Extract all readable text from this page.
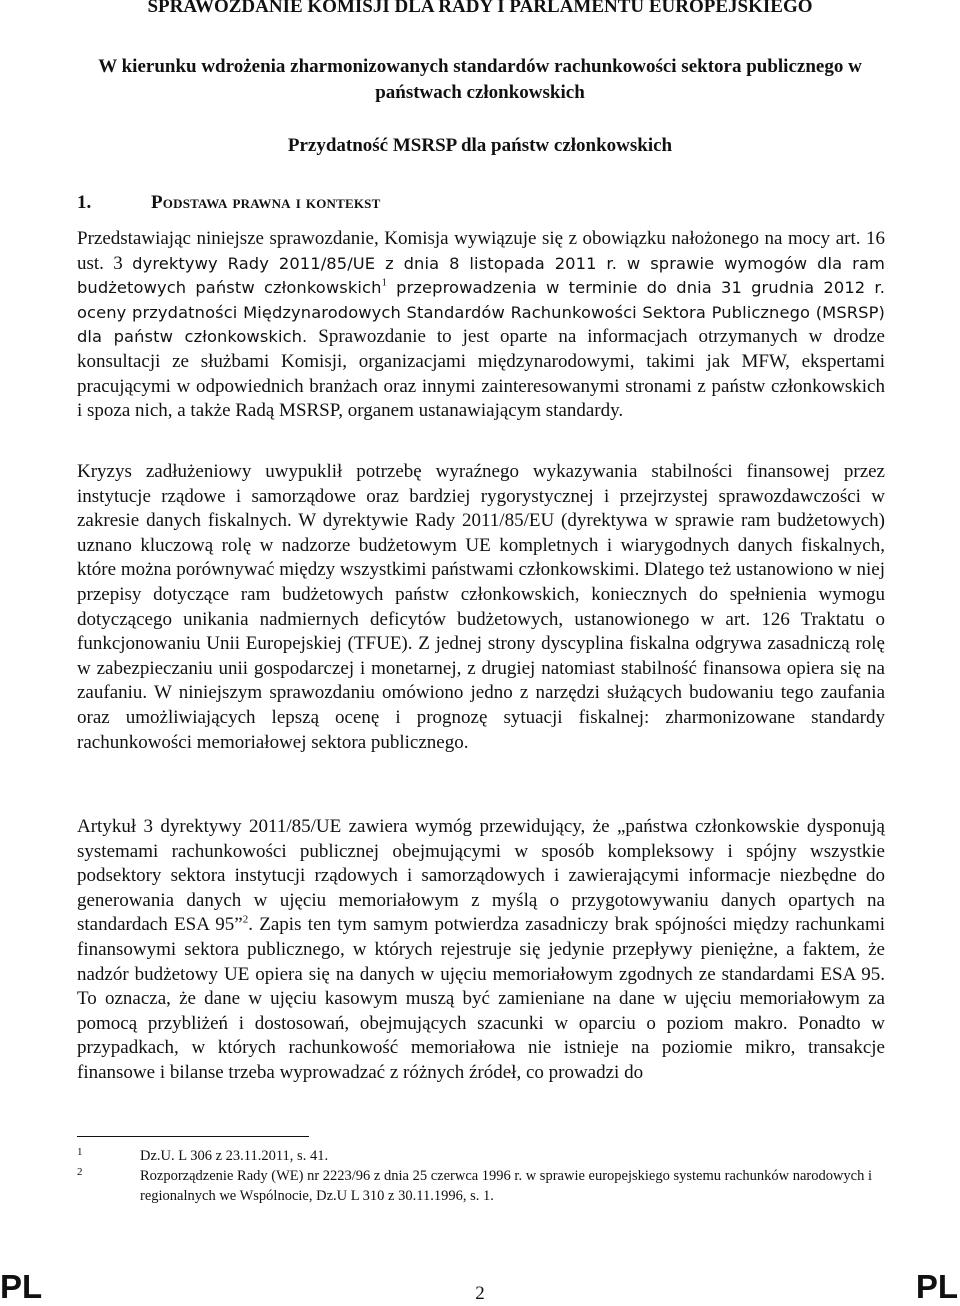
SPRAWOZDANIE KOMISJI DLA RADY I PARLAMENTU EUROPEJSKIEGO
W kierunku wdrożenia zharmonizowanych standardów rachunkowości sektora publicznego w państwach członkowskich
Przydatność MSRSP dla państw członkowskich
1.	Podstawa prawna i kontekst

Przedstawiając niniejsze sprawozdanie, Komisja wywiązuje się z obowiązku nałożonego na mocy art. 16 ust. 3 dyrektywy Rady 2011/85/UE z dnia 8 listopada 2011 r. w sprawie wymogów dla ram budżetowych państw członkowskich$^1$ przeprowadzenia w terminie do dnia 31 grudnia 2012 r. oceny przydatności Międzynarodowych Standardów Rachunkowości Sektora Publicznego (MSRSP) dla państw członkowskich. Sprawozdanie to jest oparte na informacjach otrzymanych w drodze konsultacji ze służbami Komisji, organizacjami międzynarodowymi, takimi jak MFW, ekspertami pracującymi w odpowiednich branżach oraz innymi zainteresowanymi stronami z państw członkowskich i spoza nich, a także Radą MSRSP, organem ustanawiającym standardy.

Kryzys zadłużeniowy uwypuklił potrzebę wyraźnego wykazywania stabilności finansowej przez instytucje rządowe i samorządowe oraz bardziej rygorystycznej i przejrzystej sprawozdawczości w zakresie danych fiskalnych. W dyrektywie Rady 2011/85/EU (dyrektywa w sprawie ram budżetowych) uznano kluczową rolę w nadzorze budżetowym UE kompletnych i wiarygodnych danych fiskalnych, które można porównywać między wszystkimi państwami członkowskimi. Dlatego też ustanowiono w niej przepisy dotyczące ram budżetowych państw członkowskich, koniecznych do spełnienia wymogu dotyczącego unikania nadmiernych deficytów budżetowych, ustanowionego w art. 126 Traktatu o funkcjonowaniu Unii Europejskiej (TFUE). Z jednej strony dyscyplina fiskalna odgrywa zasadniczą rolę w zabezpieczaniu unii gospodarczej i monetarnej, z drugiej natomiast stabilność finansowa opiera się na zaufaniu. W niniejszym sprawozdaniu omówiono jedno z narzędzi służących budowaniu tego zaufania oraz umożliwiających lepszą ocenę i prognozę sytuacji fiskalnej: zharmonizowane standardy rachunkowości memoriałowej sektora publicznego.

Artykuł 3 dyrektywy 2011/85/UE zawiera wymóg przewidujący, że „państwa członkowskie dysponują systemami rachunkowości publicznej obejmującymi w sposób kompleksowy i spójny wszystkie podsektory sektora instytucji rządowych i samorządowych i zawierającymi informacje niezbędne do generowania danych w ujęciu memoriałowym z myślą o przygotowywaniu danych opartych na standardach ESA 95”$^2$. Zapis ten tym samym potwierdza zasadniczy brak spójności między rachunkami finansowymi sektora publicznego, w których rejestruje się jedynie przepływy pieniężne, a faktem, że nadzór budżetowy UE opiera się na danych w ujęciu memoriałowym zgodnych ze standardami ESA 95. To oznacza, że dane w ujęciu kasowym muszą być zamieniane na dane w ujęciu memoriałowym za pomocą przybliżeń i dostosowań, obejmujących szacunki w oparciu o poziom makro. Ponadto w przypadkach, w których rachunkowość memoriałowa nie istnieje na poziomie mikro, transakcje finansowe i bilanse trzeba wyprowadzać z różnych źródeł, co prowadzi do

1	Dz.U. L 306 z 23.11.2011, s. 41.
2	Rozporządzenie Rady (WE) nr 2223/96 z dnia 25 czerwca 1996 r. w sprawie europejskiego systemu rachunków narodowych i regionalnych we Wspólnocie, Dz.U L 310 z 30.11.1996, s. 1.
PL	2	PL
